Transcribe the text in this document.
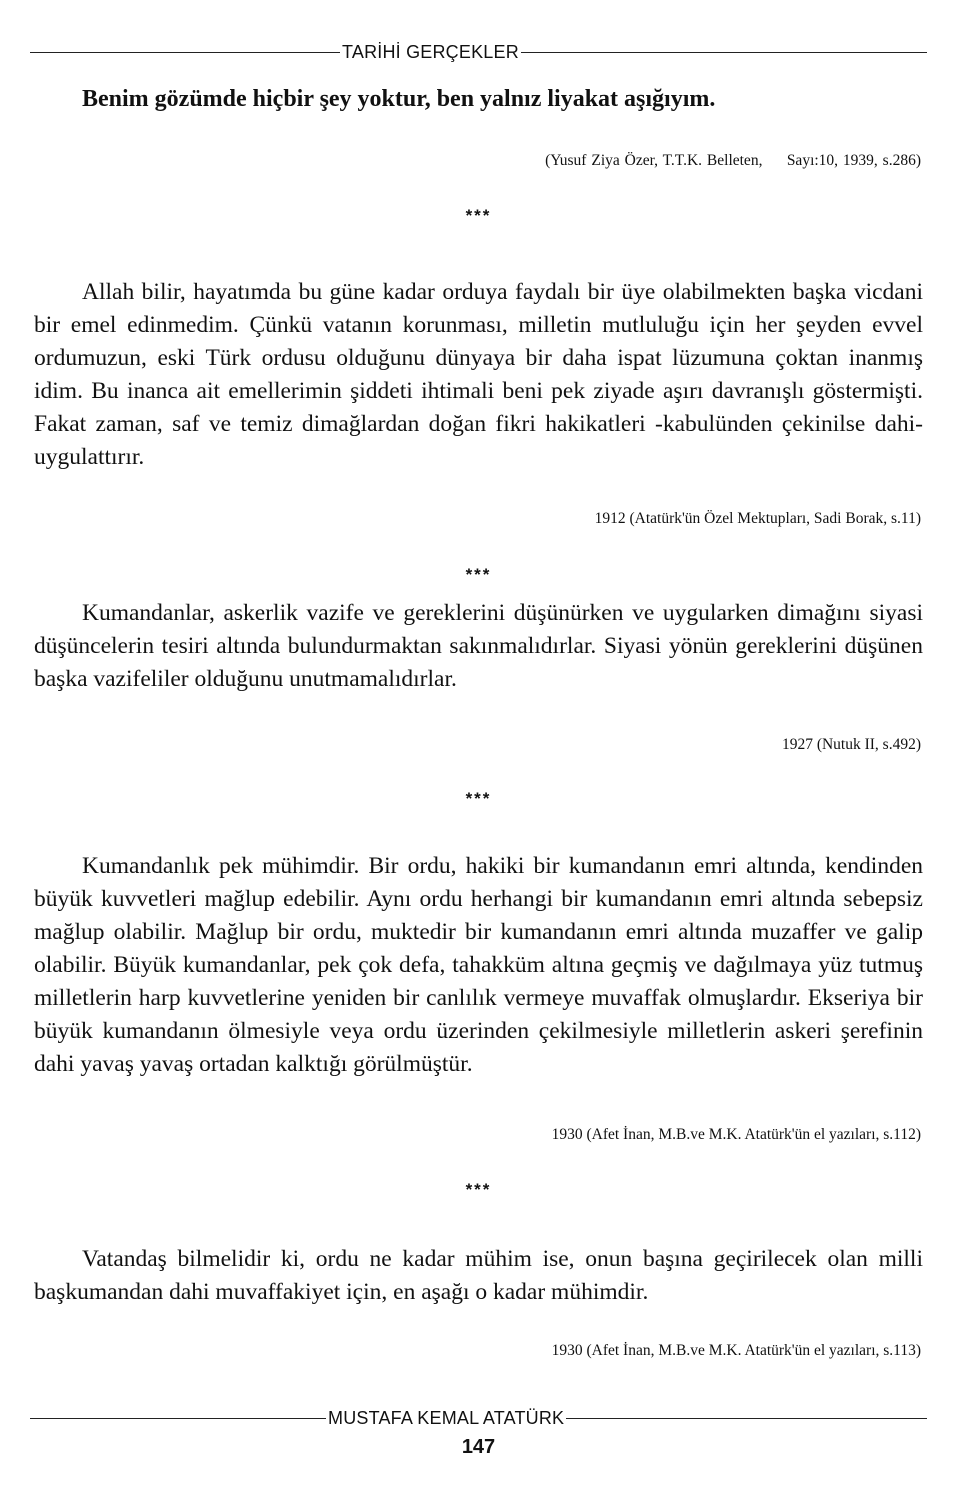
TARİHİ GERÇEKLER
Benim gözümde hiçbir şey yoktur, ben yalnız liyakat aşığıyım.
(Yusuf Ziya Özer, T.T.K. Belleten,     Sayı:10, 1939, s.286)
***
Allah bilir, hayatımda bu güne kadar orduya faydalı bir üye olabilmekten başka vicdani bir emel edinmedim. Çünkü vatanın korunması, milletin mutluluğu için her şeyden evvel ordumuzun, eski Türk ordusu olduğunu dünyaya bir daha ispat lüzumuna çoktan inanmış idim. Bu inanca ait emellerimin şiddeti ihtimali beni pek ziyade aşırı davranışlı göstermişti. Fakat zaman, saf ve temiz dimağlardan doğan fikri hakikatleri -kabulünden çekinilse dahi- uygulattırır.
1912 (Atatürk'ün Özel Mektupları, Sadi Borak, s.11)
***
Kumandanlar, askerlik vazife ve gereklerini düşünürken ve uygularken dimağını siyasi düşüncelerin tesiri altında bulundurmaktan sakınmalıdırlar. Siyasi yönün gereklerini düşünen başka vazifeliler olduğunu unutmamalıdırlar.
1927 (Nutuk II, s.492)
***
Kumandanlık pek mühimdir. Bir ordu, hakiki bir kumandanın emri altında, kendinden büyük kuvvetleri mağlup edebilir. Aynı ordu herhangi bir kumandanın emri altında sebepsiz mağlup olabilir. Mağlup bir ordu, muktedir bir kumandanın emri altında muzaffer ve galip olabilir. Büyük kumandanlar, pek çok defa, tahakküm altına geçmiş ve dağılmaya yüz tutmuş milletlerin harp kuvvetlerine yeniden bir canlılık vermeye muvaffak olmuşlardır. Ekseriya bir büyük kumandanın ölmesiyle veya ordu üzerinden çekilmesiyle milletlerin askeri şerefinin dahi yavaş yavaş ortadan kalktığı görülmüştür.
1930 (Afet İnan, M.B.ve M.K. Atatürk'ün el yazıları, s.112)
***
Vatandaş bilmelidir ki, ordu ne kadar mühim ise, onun başına geçirilecek olan milli başkumandan dahi muvaffakiyet için, en aşağı o kadar mühimdir.
1930 (Afet İnan, M.B.ve M.K. Atatürk'ün el yazıları, s.113)
MUSTAFA KEMAL ATATÜRK
147
